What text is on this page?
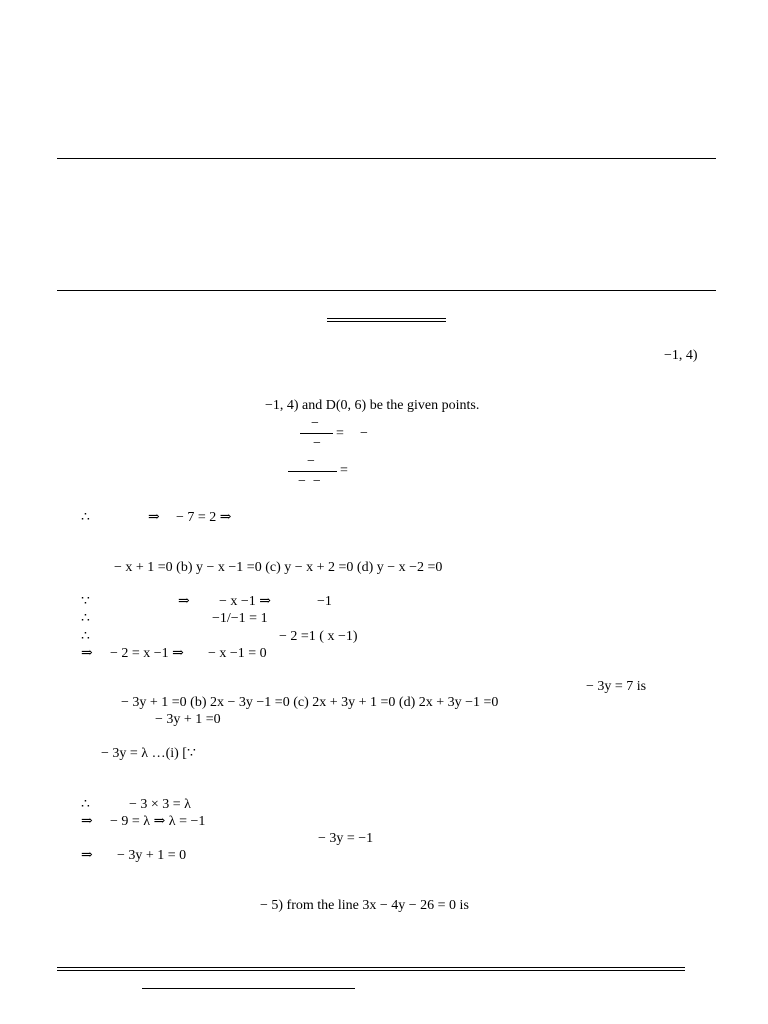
−1, 4)
−1, 4) and D(0, 6) be the given points.
−
= −
−
−
=
−  −
∴	⇒ − 7 = 2 ⇒
− x + 1 =0 (b) y − x −1 =0 (c) y − x + 2 =0 (d) y − x −2 =0
∵	⇒ − x −1 ⇒	−1
∴	−1/−1 = 1
∴	− 2 =1 ( x −1)
⇒ − 2 = x −1 ⇒ − x −1 = 0
− 3y = 7 is
− 3y + 1 =0 (b) 2x − 3y −1 =0 (c) 2x + 3y + 1 =0 (d) 2x + 3y −1 =0
− 3y + 1 =0
− 3y = λ …(i) [∵
∴	− 3 × 3 = λ
⇒ − 9 = λ ⇒ λ = −1
− 3y = −1
⇒ − 3y + 1 = 0
− 5) from the line 3x − 4y − 26 = 0 is
